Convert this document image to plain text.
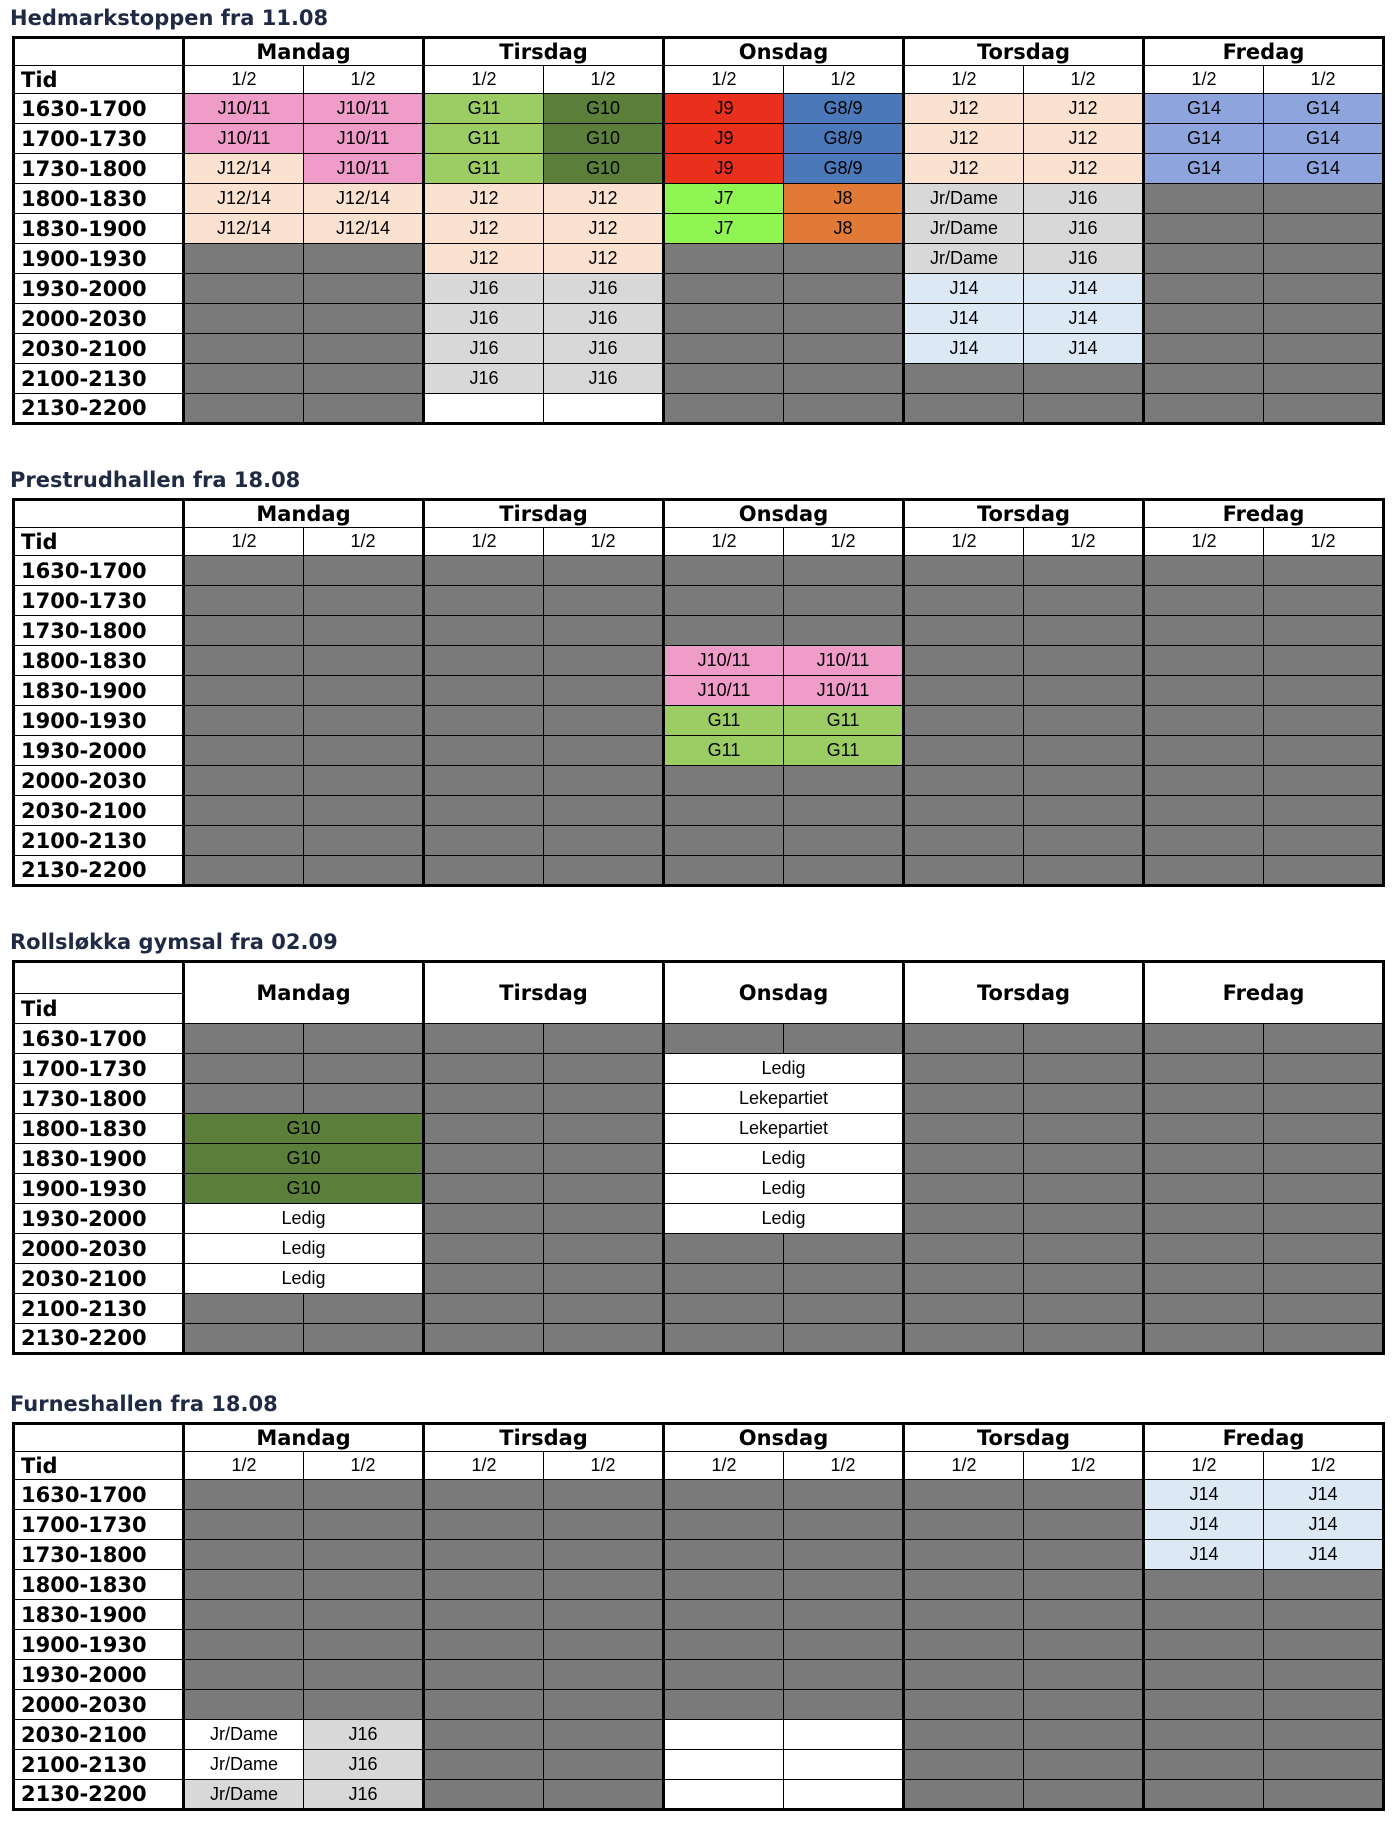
Hedmarkstoppen fra 11.08
	Mandag		Tirsdag		Onsdag		Torsdag		Fredag	
Tid	1/2	1/2	1/2	1/2	1/2	1/2	1/2	1/2	1/2	1/2
1630-1700	J10/11	J10/11	G11	G10	J9	G8/9	J12	J12	G14	G14
1700-1730	J10/11	J10/11	G11	G10	J9	G8/9	J12	J12	G14	G14
1730-1800	J12/14	J10/11	G11	G10	J9	G8/9	J12	J12	G14	G14
1800-1830	J12/14	J12/14	J12	J12	J7	J8	Jr/Dame	J16		
1830-1900	J12/14	J12/14	J12	J12	J7	J8	Jr/Dame	J16		
1900-1930			J12	J12			Jr/Dame	J16		
1930-2000			J16	J16			J14	J14		
2000-2030			J16	J16			J14	J14		
2030-2100			J16	J16			J14	J14		
2100-2130			J16	J16						
2130-2200										
Prestrudhallen fra 18.08
	Mandag		Tirsdag		Onsdag		Torsdag		Fredag	
Tid	1/2	1/2	1/2	1/2	1/2	1/2	1/2	1/2	1/2	1/2
1630-1700										
1700-1730										
1730-1800										
1800-1830					J10/11	J10/11				
1830-1900					J10/11	J10/11				
1900-1930					G11	G11				
1930-2000					G11	G11				
2000-2030										
2030-2100										
2100-2130										
2130-2200										
Rollsløkka gymsal fra 02.09
	Mandag		Tirsdag		Onsdag		Torsdag		Fredag	
Tid										
1630-1700										
1700-1730					Ledig					
1730-1800					Lekepartiet					
1800-1830	G10				Lekepartiet					
1830-1900	G10				Ledig					
1900-1930	G10				Ledig					
1930-2000	Ledig				Ledig					
2000-2030	Ledig									
2030-2100	Ledig									
2100-2130										
2130-2200										
Furneshallen fra 18.08
	Mandag		Tirsdag		Onsdag		Torsdag		Fredag	
Tid	1/2	1/2	1/2	1/2	1/2	1/2	1/2	1/2	1/2	1/2
1630-1700									J14	J14
1700-1730									J14	J14
1730-1800									J14	J14
1800-1830										
1830-1900										
1900-1930										
1930-2000										
2000-2030										
2030-2100	Jr/Dame	J16								
2100-2130	Jr/Dame	J16								
2130-2200	Jr/Dame	J16								
